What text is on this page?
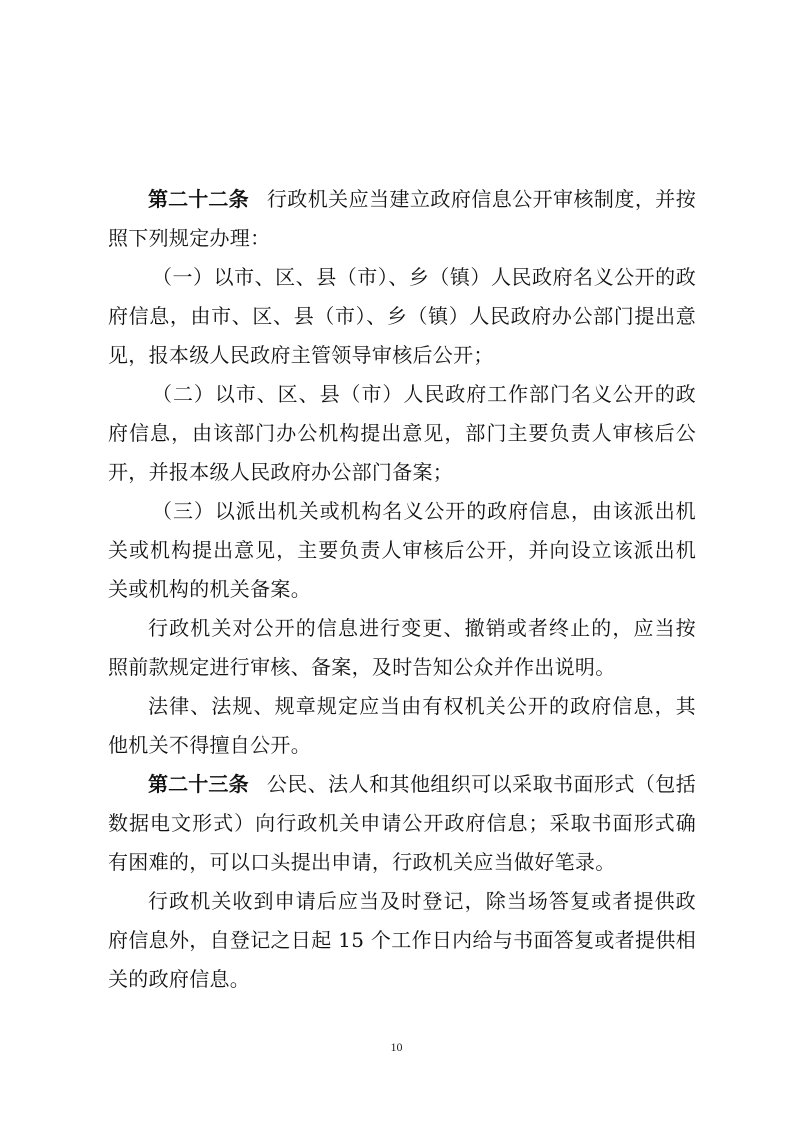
第二十二条 行政机关应当建立政府信息公开审核制度，并按照下列规定办理：

（一）以市、区、县（市）、乡（镇）人民政府名义公开的政府信息，由市、区、县（市）、乡（镇）人民政府办公部门提出意见，报本级人民政府主管领导审核后公开；

（二）以市、区、县（市）人民政府工作部门名义公开的政府信息，由该部门办公机构提出意见，部门主要负责人审核后公开，并报本级人民政府办公部门备案；

（三）以派出机关或机构名义公开的政府信息，由该派出机关或机构提出意见，主要负责人审核后公开，并向设立该派出机关或机构的机关备案。

行政机关对公开的信息进行变更、撤销或者终止的，应当按照前款规定进行审核、备案，及时告知公众并作出说明。

法律、法规、规章规定应当由有权机关公开的政府信息，其他机关不得擅自公开。

第二十三条 公民、法人和其他组织可以采取书面形式（包括数据电文形式）向行政机关申请公开政府信息；采取书面形式确有困难的，可以口头提出申请，行政机关应当做好笔录。

行政机关收到申请后应当及时登记，除当场答复或者提供政府信息外，自登记之日起 15 个工作日内给与书面答复或者提供相关的政府信息。

10
